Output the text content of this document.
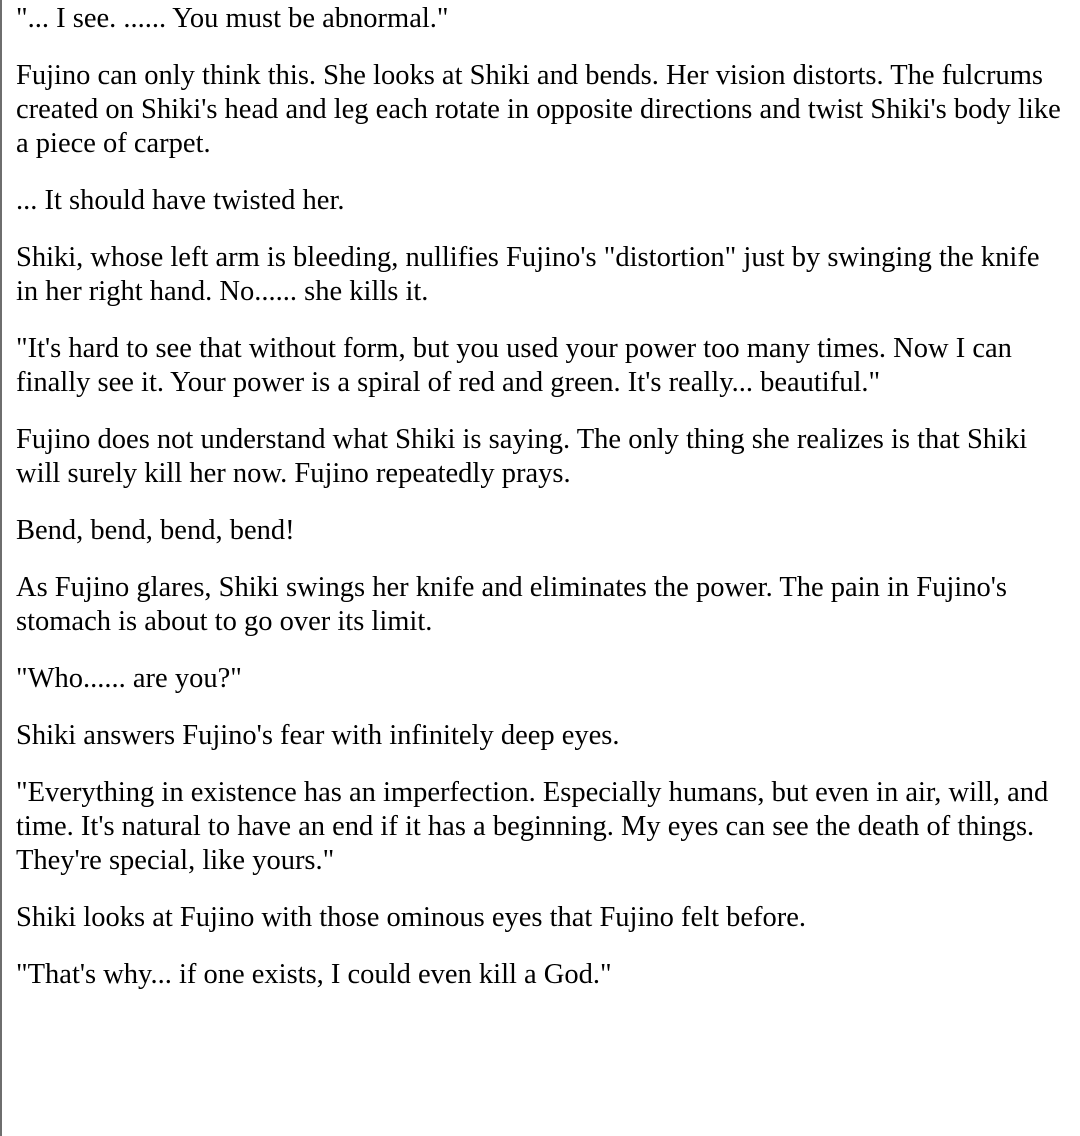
"... I see. ...... You must be abnormal."

Fujino can only think this. She looks at Shiki and bends. Her vision distorts. The fulcrums created on Shiki's head and leg each rotate in opposite directions and twist Shiki's body like a piece of carpet.

... It should have twisted her.

Shiki, whose left arm is bleeding, nullifies Fujino's "distortion" just by swinging the knife in her right hand. No...... she kills it.

"It's hard to see that without form, but you used your power too many times. Now I can finally see it. Your power is a spiral of red and green. It's really... beautiful."

Fujino does not understand what Shiki is saying. The only thing she realizes is that Shiki will surely kill her now. Fujino repeatedly prays.

Bend, bend, bend, bend!

As Fujino glares, Shiki swings her knife and eliminates the power. The pain in Fujino's stomach is about to go over its limit.

"Who...... are you?"

Shiki answers Fujino's fear with infinitely deep eyes.

"Everything in existence has an imperfection. Especially humans, but even in air, will, and time. It's natural to have an end if it has a beginning. My eyes can see the death of things. They're special, like yours."

Shiki looks at Fujino with those ominous eyes that Fujino felt before.

"That's why... if one exists, I could even kill a God."
